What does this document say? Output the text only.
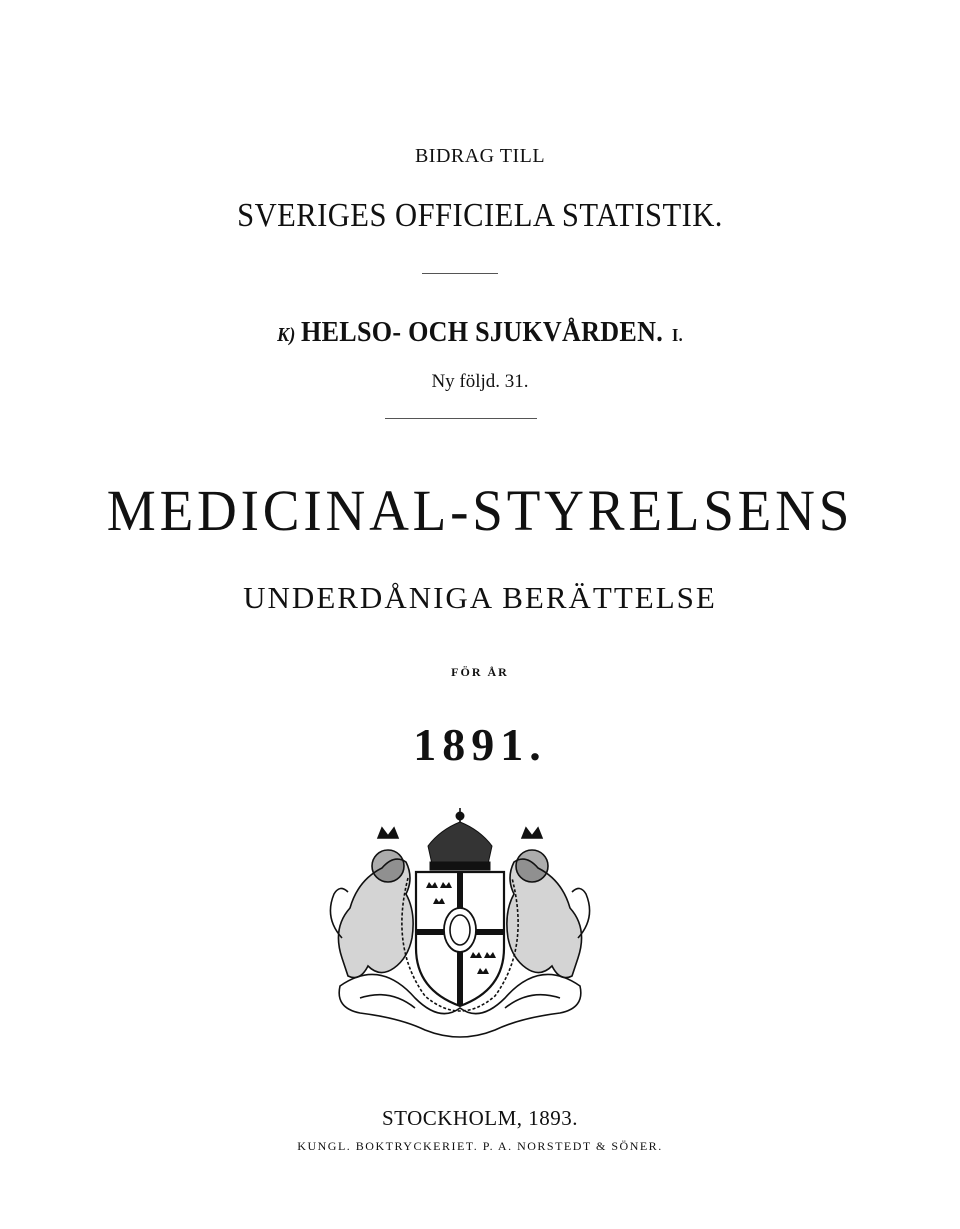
BIDRAG TILL
SVERIGES OFFICIELA STATISTIK.
K) HELSO- OCH SJUKVÅRDEN. I.
Ny följd. 31.
MEDICINAL-STYRELSENS
UNDERDÅNIGA BERÄTTELSE
FÖR ÅR
1891.
STOCKHOLM, 1893.
KUNGL. BOKTRYCKERIET. P. A. NORSTEDT & SÖNER.
